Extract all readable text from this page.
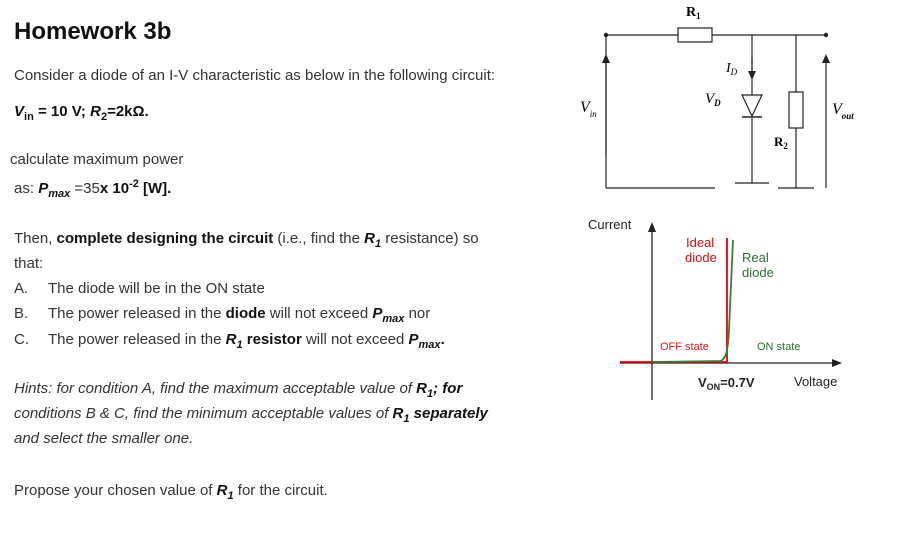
Homework 3b
Consider a diode of an I-V characteristic as below in the following circuit:
$V_{in} = 10$ V; $R_2=2k\Omega$.
calculate maximum power
as: $P_{max} =35x$ $10^{-2}$ [W].
Then, complete designing the circuit (i.e., find the $R_1$ resistance) so
that:
A. The diode will be in the ON state
B. The power released in the diode will not exceed $P_{max}$ nor
C. The power released in the $R_1$ resistor will not exceed $P_{max}$.
Hints: for condition A, find the maximum acceptable value of $R_1$; for
conditions B & C, find the minimum acceptable values of $R_1$ separately
and select the smaller one.
Propose your chosen value of $R_1$ for the circuit.
$R_1$
$I_D$
$V_D$
$V_{in}$
$R_2$
$V_{out}$
Current
Voltage
Ideal
diode Real
diode
OFF state	ON state
$V_{ON}=0.7V$
